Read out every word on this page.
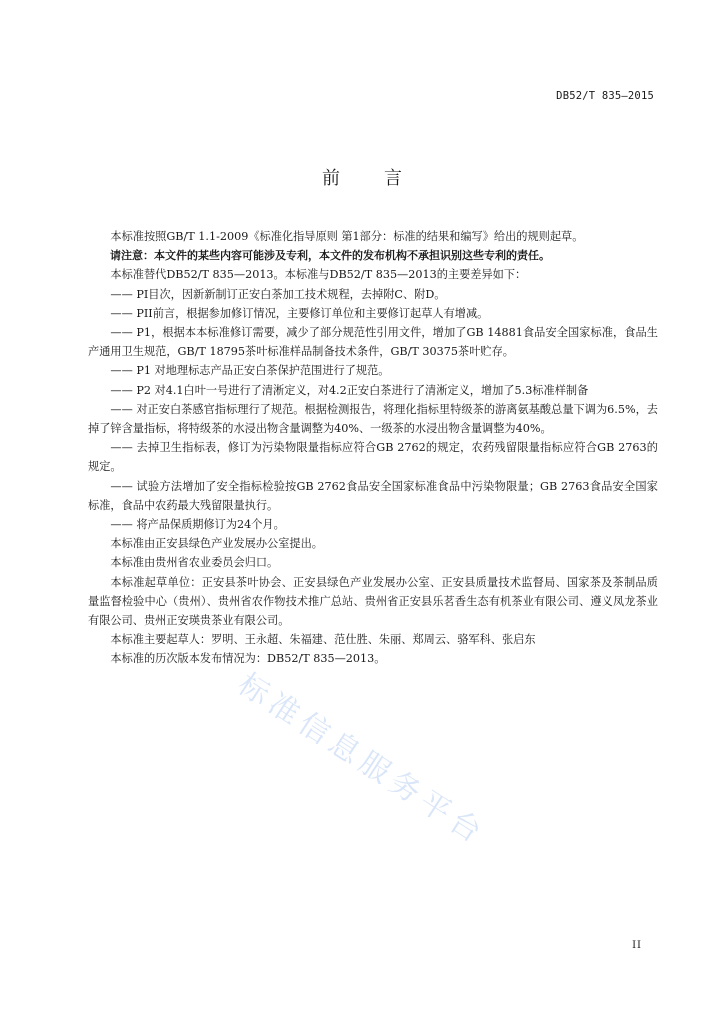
DB52/T 835—2015
前言

本标准按照GB/T 1.1-2009《标准化指导原则 第1部分：标准的结果和编写》给出的规则起草。

请注意：本文件的某些内容可能涉及专利，本文件的发布机构不承担识别这些专利的责任。

本标准替代DB52/T 835—2013。本标准与DB52/T 835—2013的主要差异如下：

—— PI目次，因新新制订正安白茶加工技术规程，去掉附C、附D。

—— PII前言，根据参加修订情况，主要修订单位和主要修订起草人有增减。

—— P1，根据本本标准修订需要，减少了部分规范性引用文件，增加了GB 14881食品安全国家标准，食品生产通用卫生规范，GB/T 18795茶叶标准样品制备技术条件，GB/T 30375茶叶贮存。

—— P1 对地理标志产品正安白茶保护范围进行了规范。

—— P2 对4.1白叶一号进行了清淅定义，对4.2正安白茶进行了清淅定义，增加了5.3标准样制备

—— 对正安白茶感官指标理行了规范。根据检测报告，将理化指标里特级茶的游离氨基酸总量下调为6.5%，去掉了锌含量指标，将特级茶的水浸出物含量调整为40%、一级茶的水浸出物含量调整为40%。

—— 去掉卫生指标表，修订为污染物限量指标应符合GB 2762的规定，农药残留限量指标应符合GB 2763的规定。

—— 试验方法增加了安全指标检验按GB 2762食品安全国家标准食品中污染物限量；GB 2763食品安全国家标准，食品中农药最大残留限量执行。

—— 将产品保质期修订为24个月。

本标准由正安县绿色产业发展办公室提出。

本标准由贵州省农业委员会归口。

本标准起草单位：正安县茶叶协会、正安县绿色产业发展办公室、正安县质量技术监督局、国家茶及茶制品质量监督检验中心（贵州）、贵州省农作物技术推广总站、贵州省正安县乐茗香生态有机茶业有限公司、遵义凤龙茶业有限公司、贵州正安瑛贵茶业有限公司。

本标准主要起草人：罗明、王永超、朱福建、范仕胜、朱丽、郑周云、骆军科、张启东

本标准的历次版本发布情况为：DB52/T 835—2013。

标准信息服务平台
II
